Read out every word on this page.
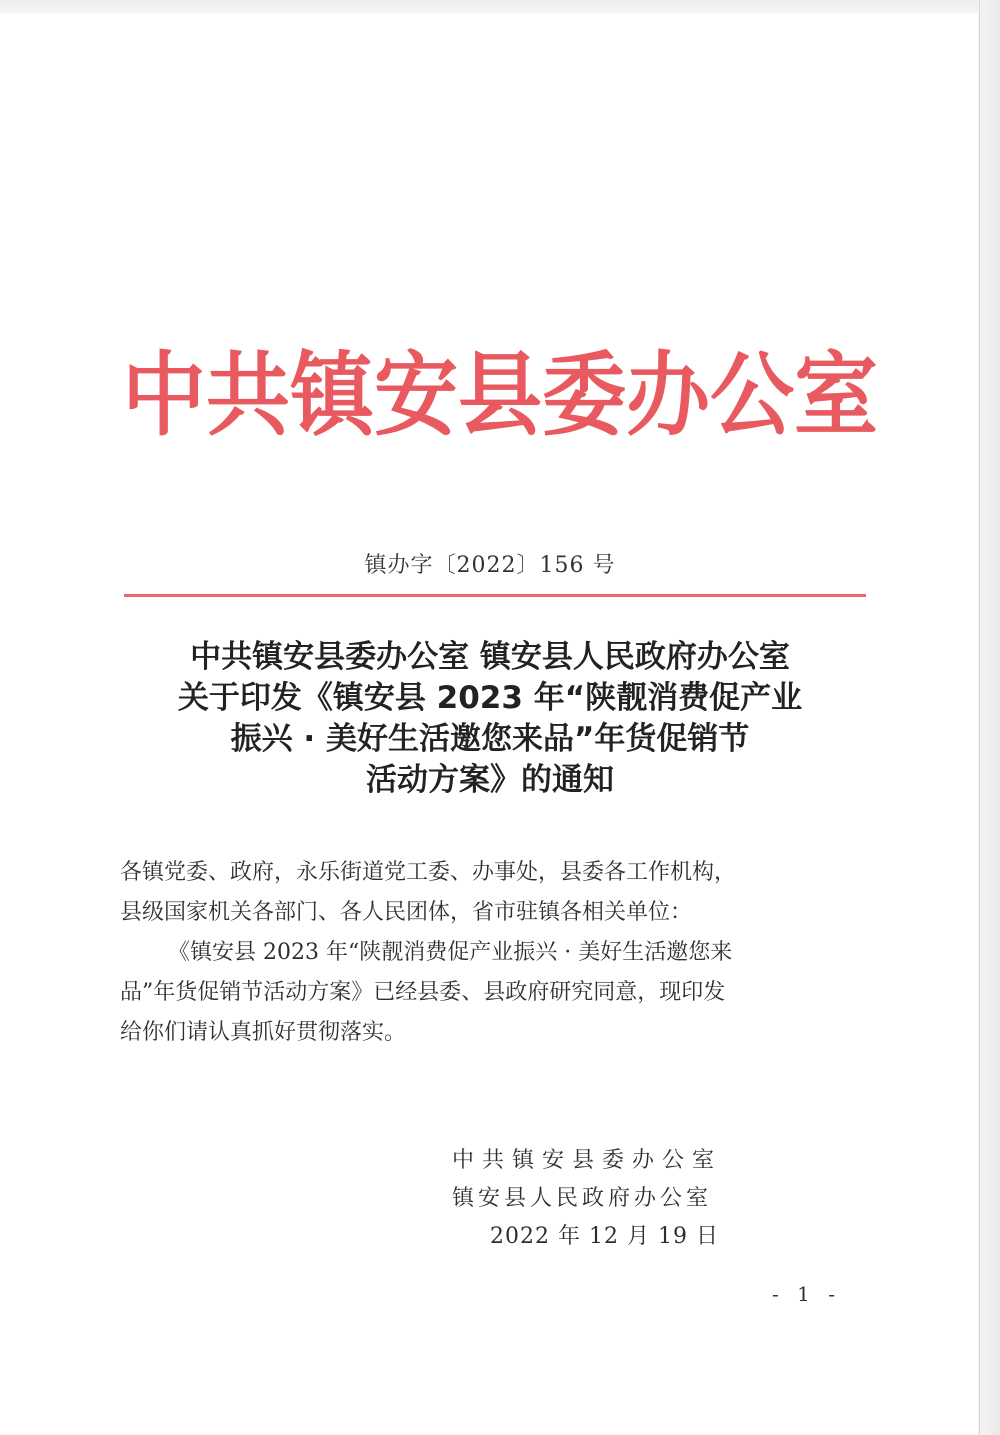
中共镇安县委办公室
镇办字〔2022〕156 号
中共镇安县委办公室 镇安县人民政府办公室
关于印发《镇安县 2023 年“陕靓消费促产业
振兴 · 美好生活邀您来品”年货促销节
活动方案》的通知
各镇党委、政府，永乐街道党工委、办事处，县委各工作机构，
县级国家机关各部门、各人民团体，省市驻镇各相关单位：
《镇安县 2023 年“陕靓消费促产业振兴 · 美好生活邀您来
品”年货促销节活动方案》已经县委、县政府研究同意，现印发
给你们请认真抓好贯彻落实。
中共镇安县委办公室
镇安县人民政府办公室
2022 年 12 月 19 日
- 1 -
